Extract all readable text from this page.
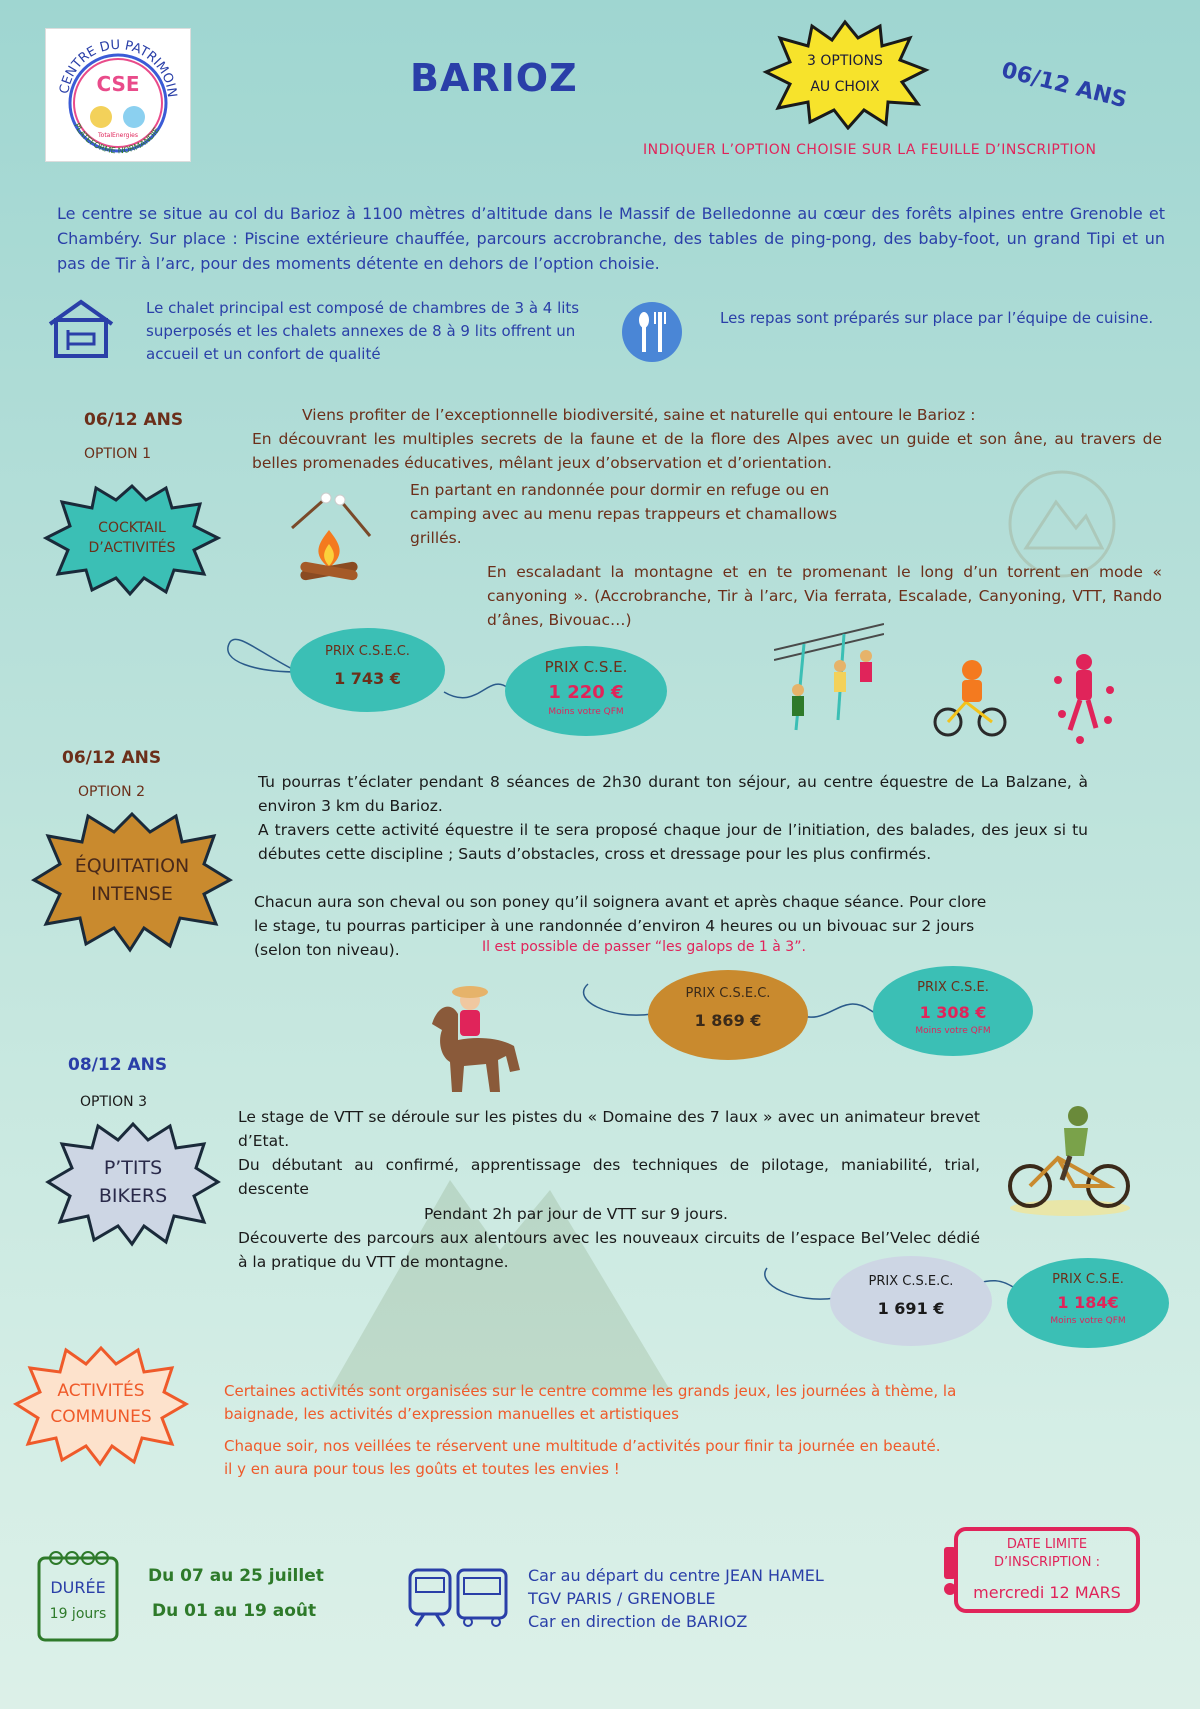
CENTRE DU PATRIMOIN
CSE
TotalEnergies
PLATEFORME NORMANDIE
BARIOZ	3 OPTIONS
AU CHOIX	06/12 ANS
INDIQUER L’OPTION CHOISIE SUR LA FEUILLE D’INSCRIPTION
Le centre se situe au col du Barioz à 1100 mètres d’altitude dans le Massif de Belledonne au cœur des forêts alpines entre Grenoble et Chambéry. Sur place : Piscine extérieure chauffée, parcours accrobranche, des tables de ping-pong, des baby-foot, un grand Tipi et un pas de Tir à l’arc, pour des moments détente en dehors de l’option choisie.
Le chalet principal est composé de chambres de 3 à 4 lits superposés et les chalets annexes de 8 à 9 lits offrent un accueil et un confort de qualité
Les repas sont préparés sur place par l’équipe de cuisine.
06/12 ANS
OPTION 1
COCKTAIL
D’ACTIVITÉS
Viens profiter de l’exceptionnelle biodiversité, saine et naturelle qui entoure le Barioz :
En découvrant les multiples secrets de la faune et de la flore des Alpes avec un guide et son âne, au travers de belles promenades éducatives, mêlant jeux d’observation et d’orientation.
En partant en randonnée pour dormir en refuge ou en camping avec au menu repas trappeurs et chamallows grillés.
En escaladant la montagne et en te promenant le long d’un torrent en mode « canyoning ». (Accrobranche, Tir à l’arc, Via ferrata, Escalade, Canyoning, VTT, Rando d’ânes, Bivouac…)
PRIX C.S.E.C.
1 743 €
PRIX C.S.E.
1 220 €
Moins votre QFM
06/12 ANS
OPTION 2
ÉQUITATION
INTENSE
Tu pourras t’éclater pendant 8 séances de 2h30 durant ton séjour, au centre équestre de La Balzane, à environ 3 km du Barioz.
A travers cette activité équestre il te sera proposé chaque jour de l’initiation, des balades, des jeux si tu débutes cette discipline ; Sauts d’obstacles, cross et dressage pour les plus confirmés.
Chacun aura son cheval ou son poney qu’il soignera avant et après chaque séance. Pour clore
le stage, tu pourras participer à une randonnée d’environ 4 heures ou un bivouac sur 2 jours
(selon ton niveau).	Il est possible de passer “les galops de 1 à 3”.
PRIX C.S.E.C.
1 869 €
PRIX C.S.E.
1 308 €
Moins votre QFM
08/12 ANS
OPTION 3
P’TITS
BIKERS
Le stage de VTT se déroule sur les pistes du « Domaine des 7 laux » avec un animateur brevet d’Etat.
Du débutant au confirmé, apprentissage des techniques de pilotage, maniabilité, trial, descente
Pendant 2h par jour de VTT sur 9 jours.
Découverte des parcours aux alentours avec les nouveaux circuits de l’espace Bel’Velec dédié à la pratique du VTT de montagne.
PRIX C.S.E.C.
1 691 €
PRIX C.S.E.
1 184€
Moins votre QFM
ACTIVITÉS
COMMUNES
Certaines activités sont organisées sur le centre comme les grands jeux, les journées à thème, la baignade, les activités d’expression manuelles et artistiques
Chaque soir, nos veillées te réservent une multitude d’activités pour finir ta journée en beauté.
il y en aura pour tous les goûts et toutes les envies !
DURÉE
19 jours
Du 07 au 25 juillet
Du 01 au 19 août
Car au départ du centre JEAN HAMEL
TGV PARIS / GRENOBLE
Car en direction de BARIOZ
DATE LIMITE
D’INSCRIPTION :
mercredi 12 MARS
